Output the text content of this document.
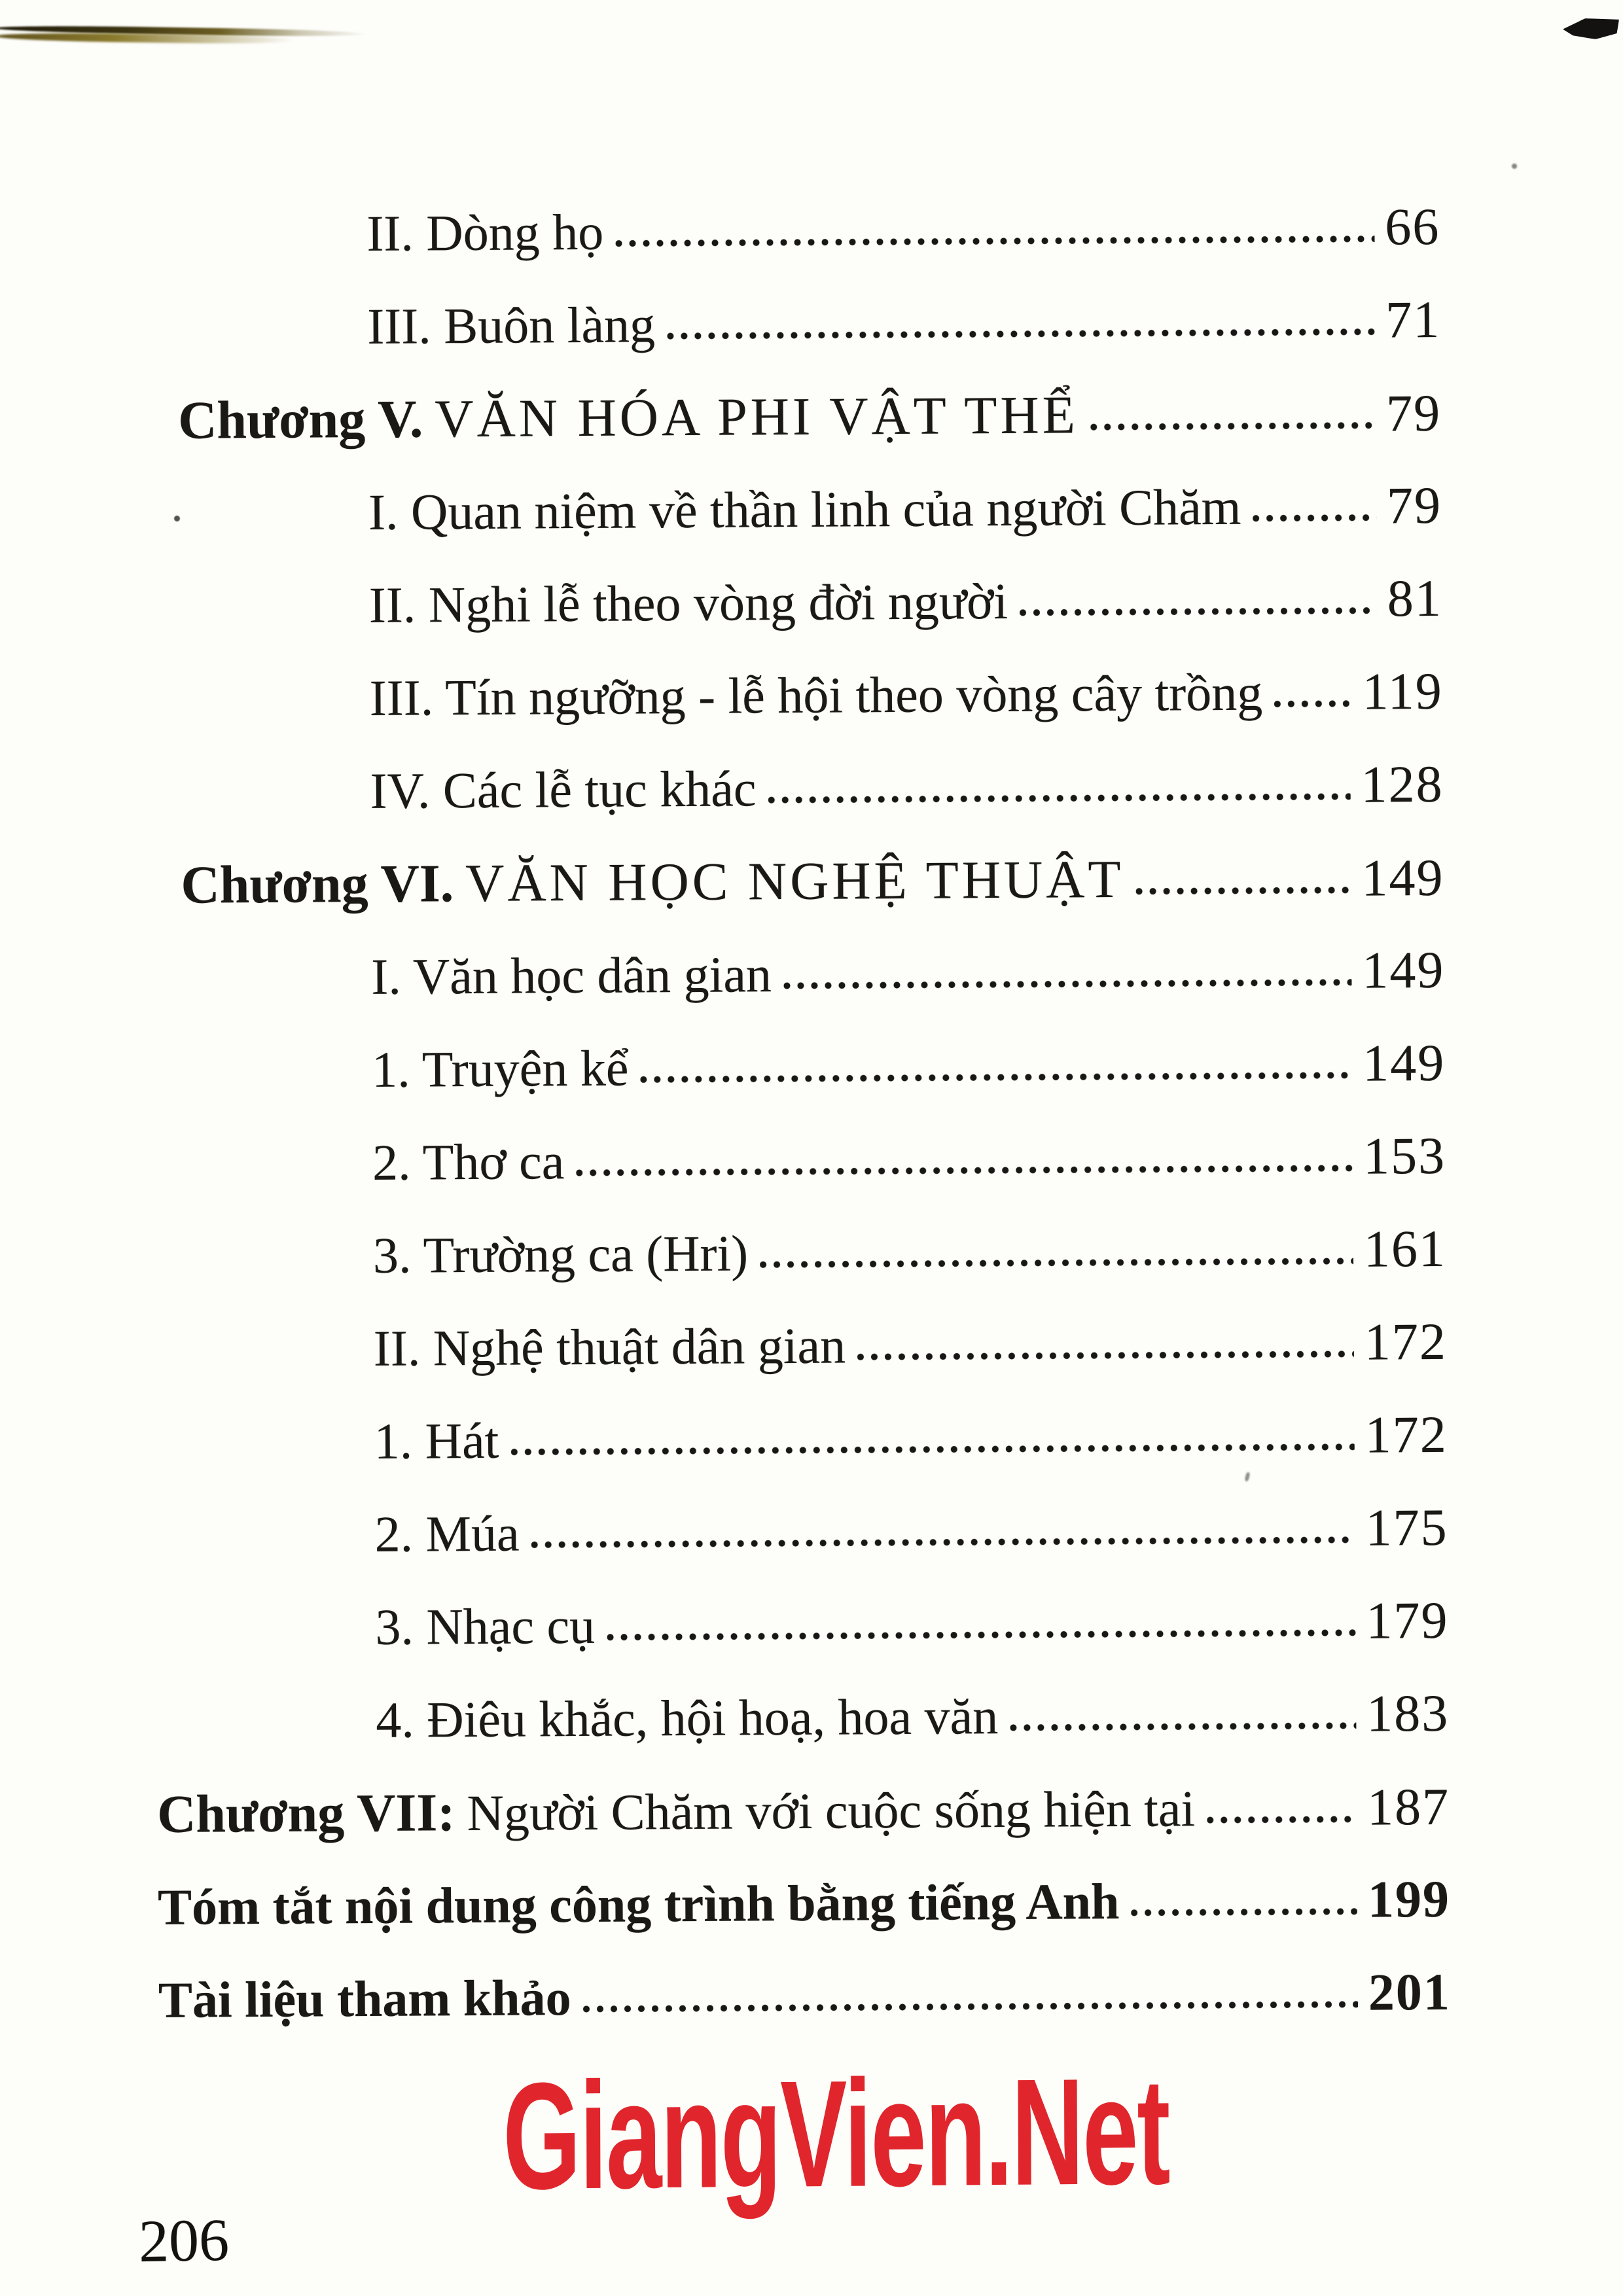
II. Dòng họ	66
III. Buôn làng	71
Chương V. VĂN HÓA PHI VẬT THỂ	79
I. Quan niệm về thần linh của người Chăm	79
II. Nghi lễ theo vòng đời người	81
III. Tín ngưỡng - lễ hội theo vòng cây trồng 119
IV. Các lễ tục khác	128
Chương VI. VĂN HỌC NGHỆ THUẬT	149
I. Văn học dân gian	149
1. Truyện kể	149
2. Thơ ca	153
3. Trường ca (Hri)	161
II. Nghệ thuật dân gian	172
1. Hát	172
2. Múa	175
3. Nhạc cụ	179
4. Điêu khắc, hội hoạ, hoa văn	183
Chương VII: Người Chăm với cuộc sống hiện tại	187
Tóm tắt nội dung công trình bằng tiếng Anh	199
Tài liệu tham khảo	201
GiangVien.Net
206
